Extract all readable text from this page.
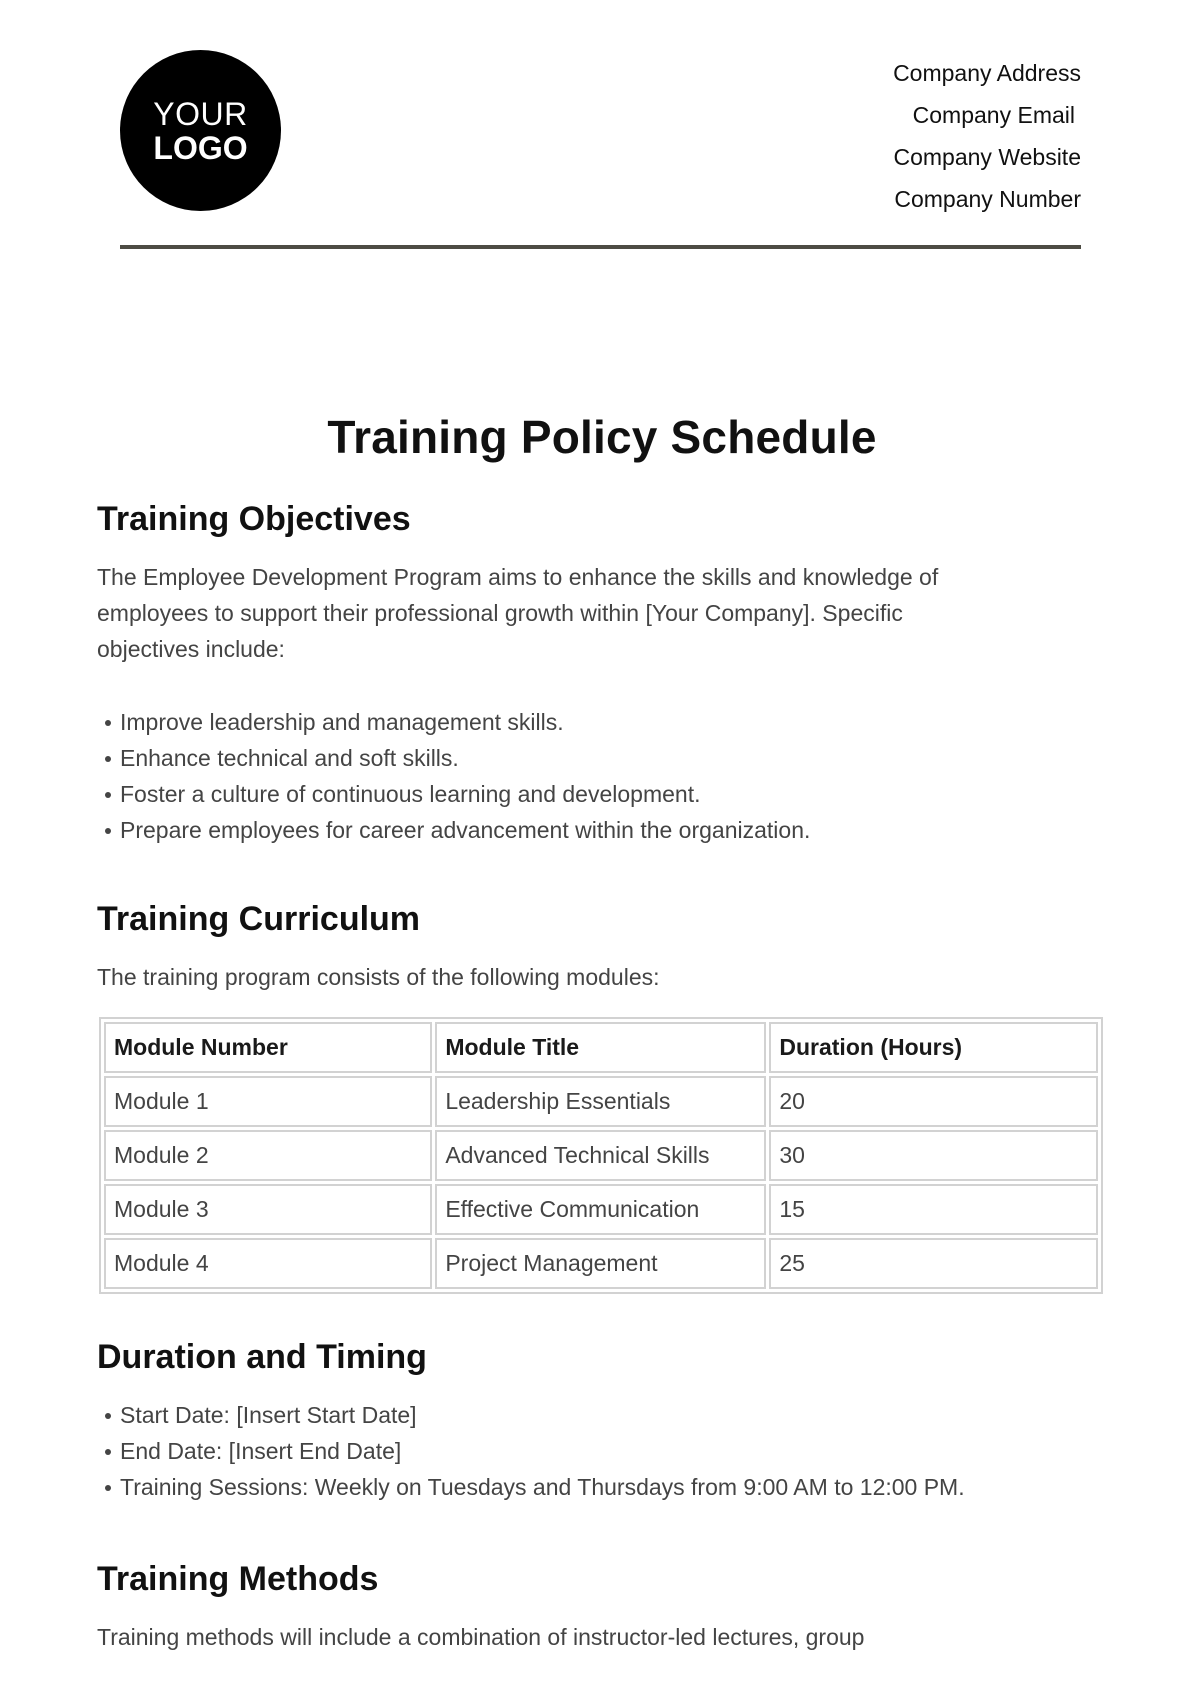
YOUR
LOGO
Company Address
Company Email
Company Website
Company Number
Training Policy Schedule
Training Objectives

The Employee Development Program aims to enhance the skills and knowledge of
employees to support their professional growth within [Your Company]. Specific
objectives include:

Improve leadership and management skills.
Enhance technical and soft skills.
Foster a culture of continuous learning and development.
Prepare employees for career advancement within the organization.
Training Curriculum

The training program consists of the following modules:

Module Number	Module Title	Duration (Hours)
Module 1	Leadership Essentials	20
Module 2	Advanced Technical Skills	30
Module 3	Effective Communication	15
Module 4	Project Management	25
Duration and Timing
Start Date: [Insert Start Date]
End Date: [Insert End Date]
Training Sessions: Weekly on Tuesdays and Thursdays from 9:00 AM to 12:00 PM.
Training Methods

Training methods will include a combination of instructor-led lectures, group
